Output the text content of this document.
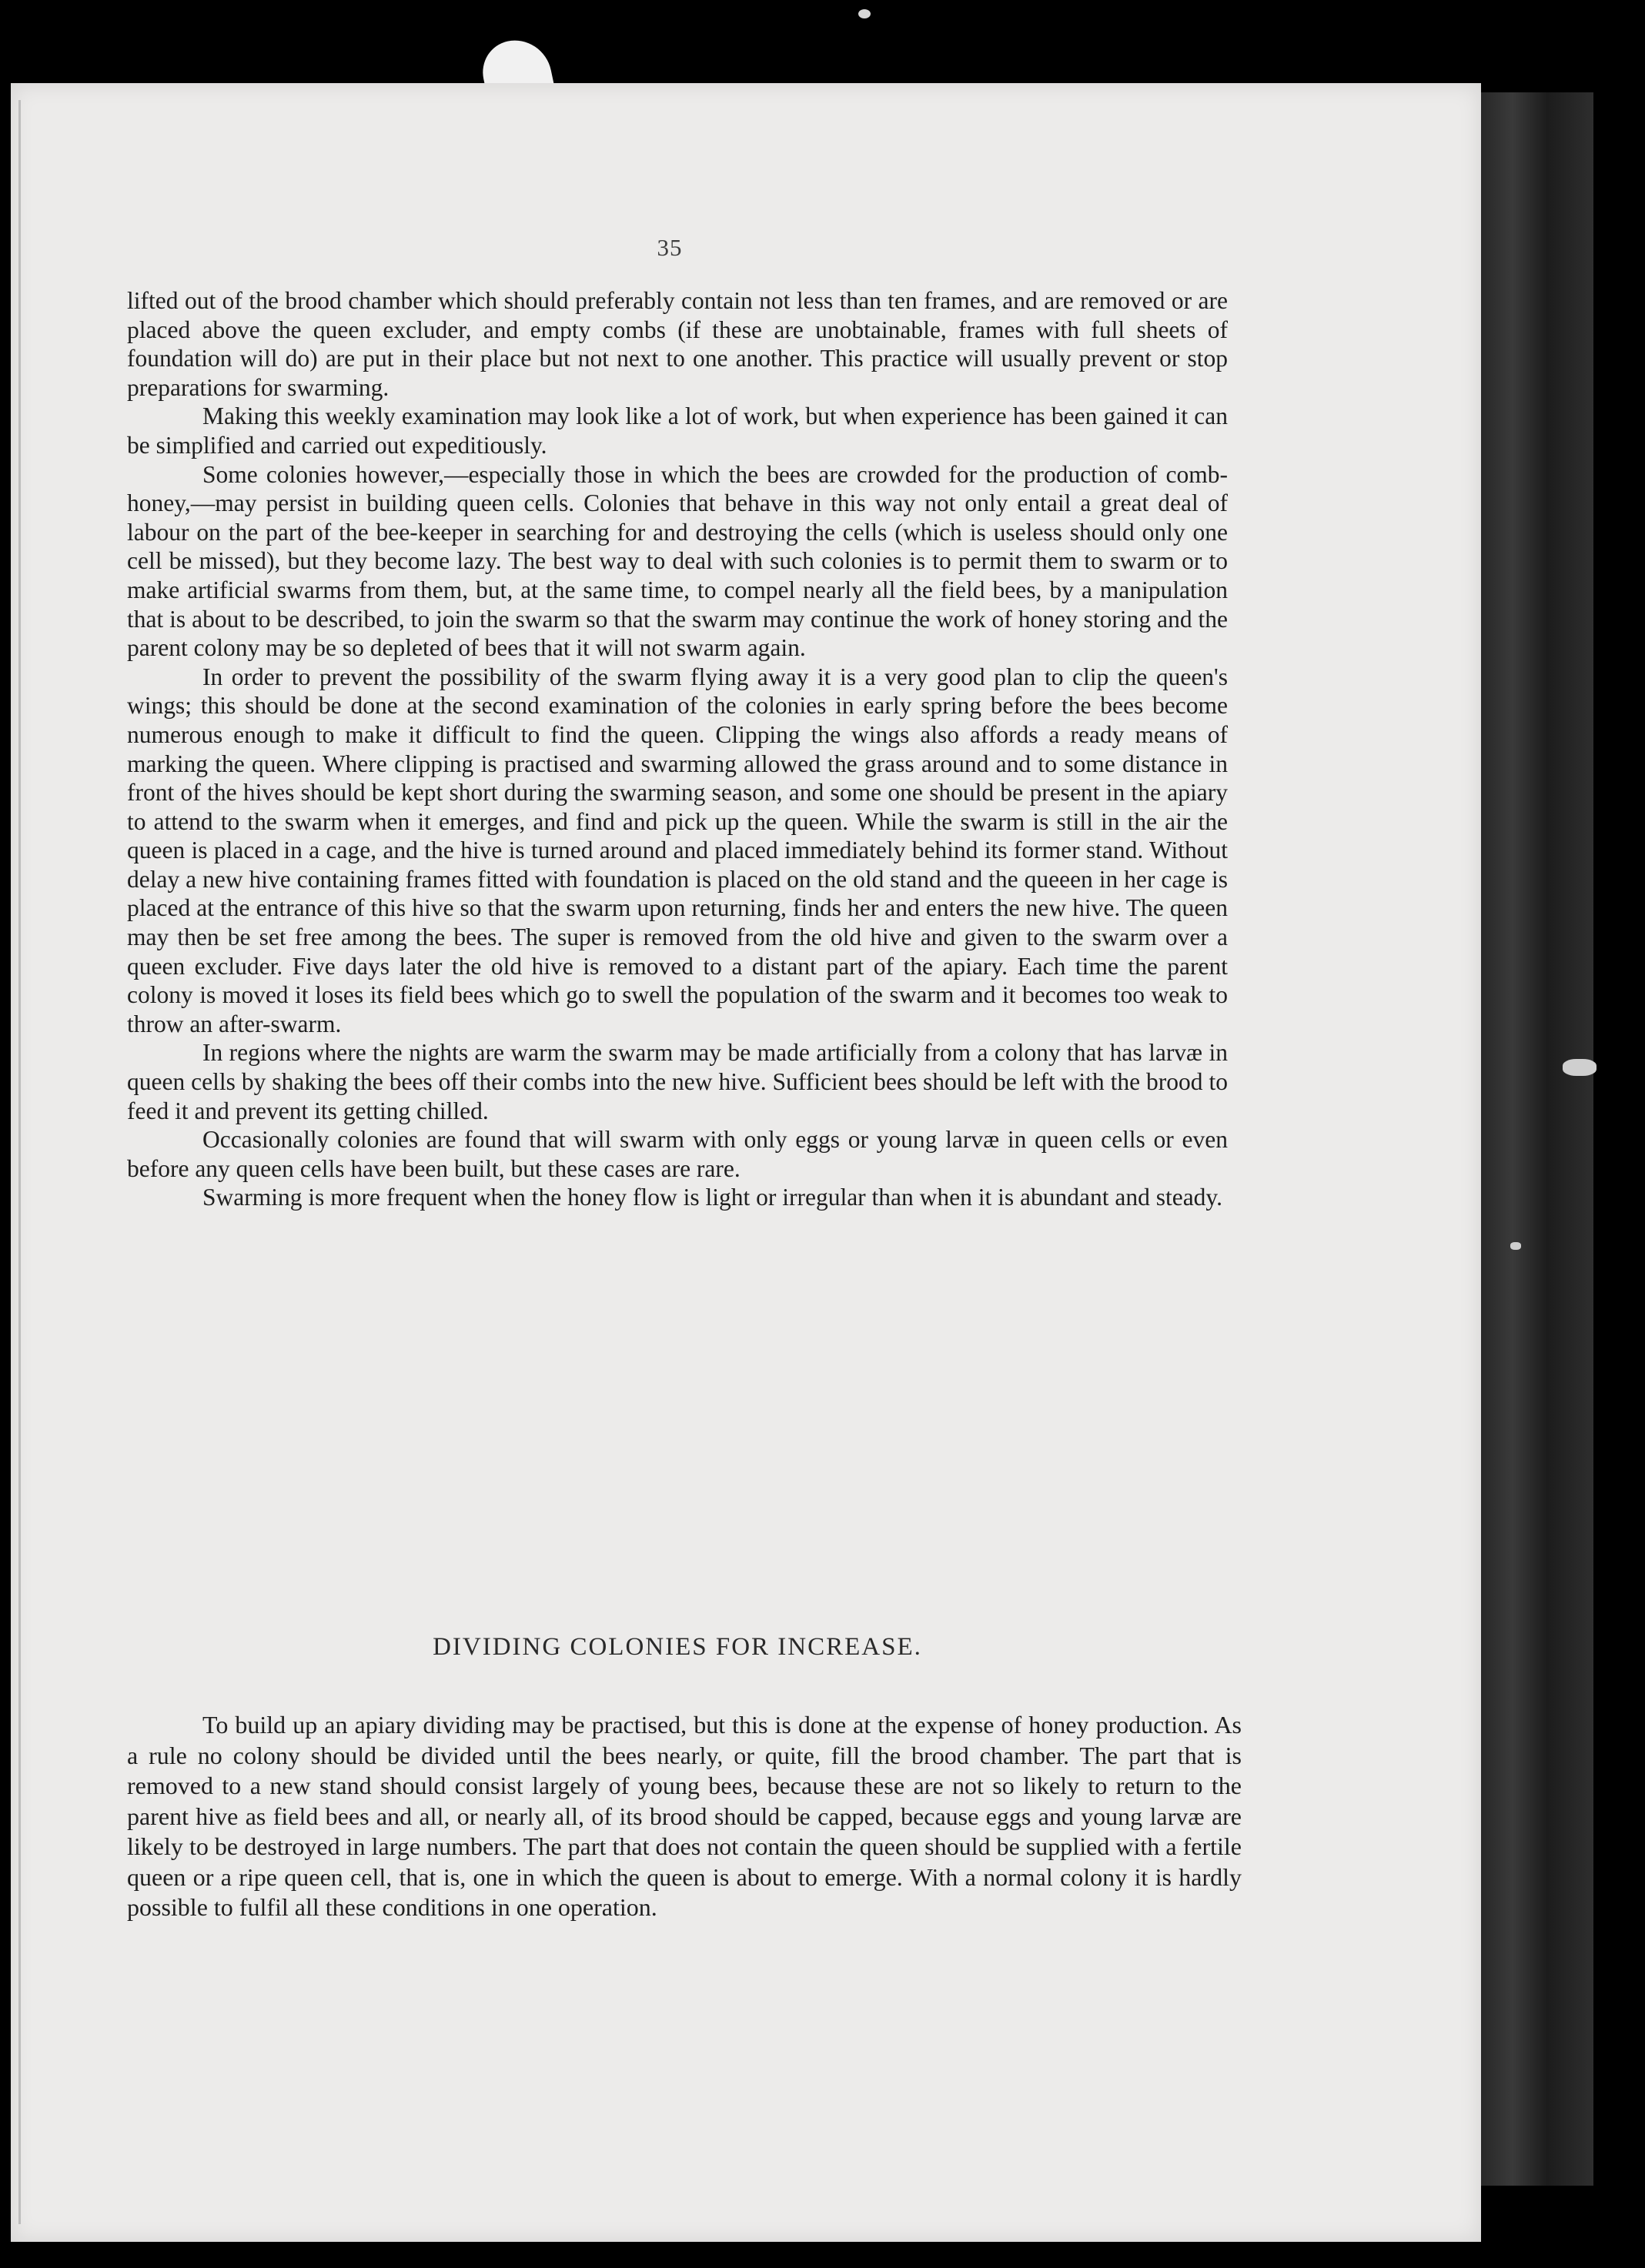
35

lifted out of the brood chamber which should preferably contain not less than ten frames, and are removed or are placed above the queen excluder, and empty combs (if these are unobtainable, frames with full sheets of foundation will do) are put in their place but not next to one another. This practice will usually prevent or stop preparations for swarming.

Making this weekly examination may look like a lot of work, but when experience has been gained it can be simplified and carried out expeditiously.

Some colonies however,—especially those in which the bees are crowded for the production of comb-honey,—may persist in building queen cells. Colonies that behave in this way not only entail a great deal of labour on the part of the bee-keeper in searching for and destroying the cells (which is useless should only one cell be missed), but they become lazy. The best way to deal with such colonies is to permit them to swarm or to make artificial swarms from them, but, at the same time, to compel nearly all the field bees, by a manipulation that is about to be described, to join the swarm so that the swarm may continue the work of honey storing and the parent colony may be so depleted of bees that it will not swarm again.

In order to prevent the possibility of the swarm flying away it is a very good plan to clip the queen's wings; this should be done at the second examination of the colonies in early spring before the bees become numerous enough to make it difficult to find the queen. Clipping the wings also affords a ready means of marking the queen. Where clipping is practised and swarming allowed the grass around and to some distance in front of the hives should be kept short during the swarming season, and some one should be present in the apiary to attend to the swarm when it emerges, and find and pick up the queen. While the swarm is still in the air the queen is placed in a cage, and the hive is turned around and placed immediately behind its former stand. Without delay a new hive containing frames fitted with foundation is placed on the old stand and the queeen in her cage is placed at the entrance of this hive so that the swarm upon returning, finds her and enters the new hive. The queen may then be set free among the bees. The super is removed from the old hive and given to the swarm over a queen excluder. Five days later the old hive is removed to a distant part of the apiary. Each time the parent colony is moved it loses its field bees which go to swell the population of the swarm and it becomes too weak to throw an after-swarm.

In regions where the nights are warm the swarm may be made artificially from a colony that has larvæ in queen cells by shaking the bees off their combs into the new hive. Sufficient bees should be left with the brood to feed it and prevent its getting chilled.

Occasionally colonies are found that will swarm with only eggs or young larvæ in queen cells or even before any queen cells have been built, but these cases are rare.

Swarming is more frequent when the honey flow is light or irregular than when it is abundant and steady.

DIVIDING COLONIES FOR INCREASE.

To build up an apiary dividing may be practised, but this is done at the expense of honey production. As a rule no colony should be divided until the bees nearly, or quite, fill the brood chamber. The part that is removed to a new stand should consist largely of young bees, because these are not so likely to return to the parent hive as field bees and all, or nearly all, of its brood should be capped, because eggs and young larvæ are likely to be destroyed in large numbers. The part that does not contain the queen should be supplied with a fertile queen or a ripe queen cell, that is, one in which the queen is about to emerge. With a normal colony it is hardly possible to fulfil all these conditions in one operation.
